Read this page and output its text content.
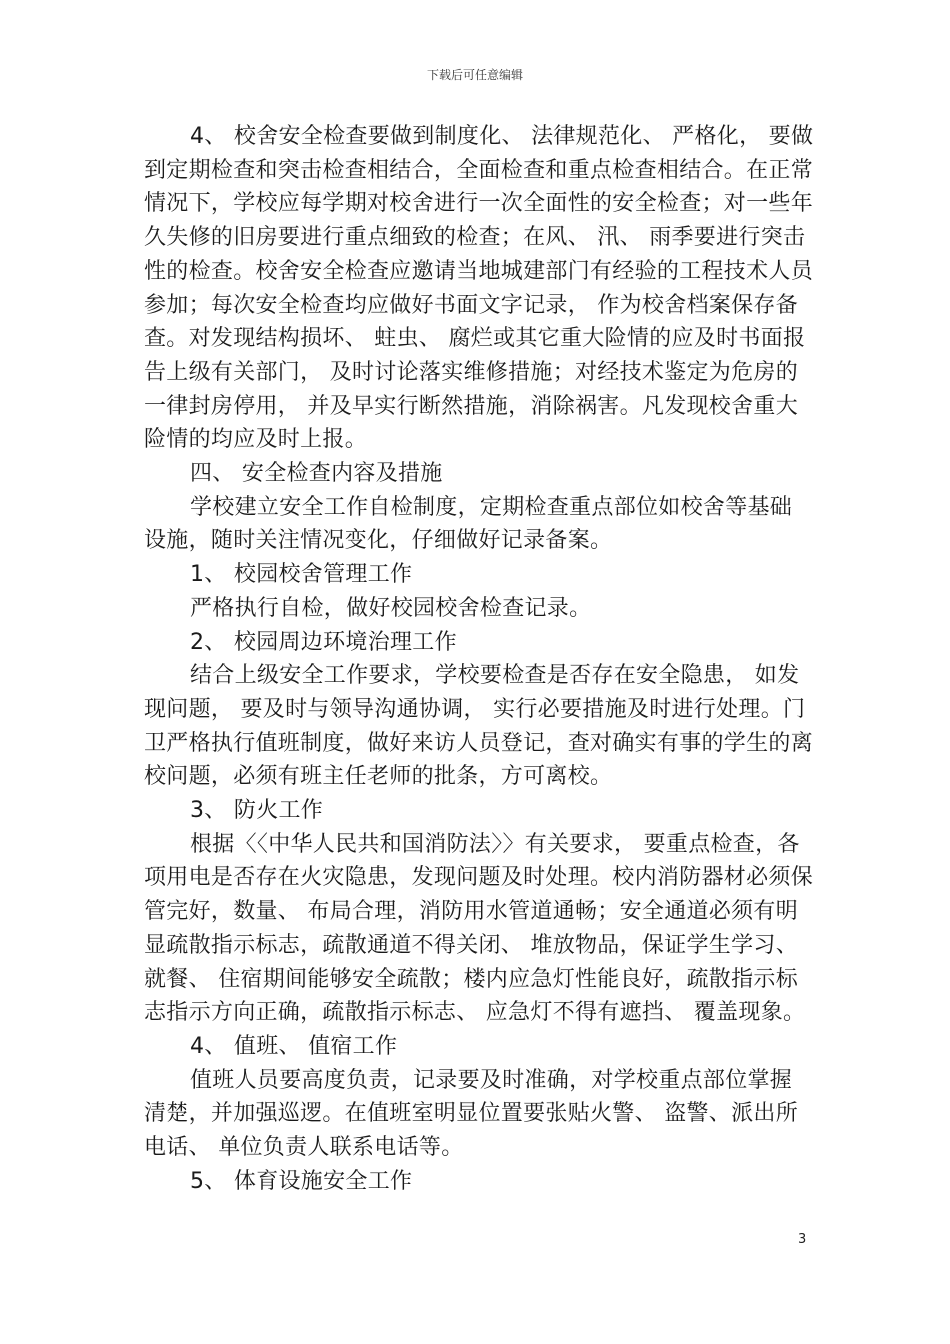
下载后可任意编辑

4、 校舍安全检查要做到制度化、 法律规范化、 严格化， 要做到定期检查和突击检查相结合，全面检查和重点检查相结合。在正常情况下，学校应每学期对校舍进行一次全面性的安全检查；对一些年久失修的旧房要进行重点细致的检查；在风、 汛、 雨季要进行突击性的检查。校舍安全检查应邀请当地城建部门有经验的工程技术人员参加；每次安全检查均应做好书面文字记录， 作为校舍档案保存备查。对发现结构损坏、 蛀虫、 腐烂或其它重大险情的应及时书面报告上级有关部门， 及时讨论落实维修措施；对经技术鉴定为危房的一律封房停用， 并及早实行断然措施，消除祸害。凡发现校舍重大险情的均应及时上报。

四、 安全检查内容及措施

学校建立安全工作自检制度，定期检查重点部位如校舍等基础设施，随时关注情况变化，仔细做好记录备案。

1、 校园校舍管理工作

严格执行自检，做好校园校舍检查记录。

2、 校园周边环境治理工作

结合上级安全工作要求，学校要检查是否存在安全隐患， 如发现问题， 要及时与领导沟通协调， 实行必要措施及时进行处理。门卫严格执行值班制度，做好来访人员登记，查对确实有事的学生的离校问题，必须有班主任老师的批条，方可离校。

3、 防火工作

根据〈〈中华人民共和国消防法〉〉有关要求， 要重点检查，各项用电是否存在火灾隐患，发现问题及时处理。校内消防器材必须保管完好，数量、 布局合理，消防用水管道通畅；安全通道必须有明显疏散指示标志，疏散通道不得关闭、 堆放物品，保证学生学习、 就餐、 住宿期间能够安全疏散；楼内应急灯性能良好，疏散指示标志指示方向正确，疏散指示标志、 应急灯不得有遮挡、 覆盖现象。

4、 值班、 值宿工作

值班人员要高度负责，记录要及时准确，对学校重点部位掌握清楚，并加强巡逻。在值班室明显位置要张贴火警、 盗警、派出所电话、 单位负责人联系电话等。

5、 体育设施安全工作

3
